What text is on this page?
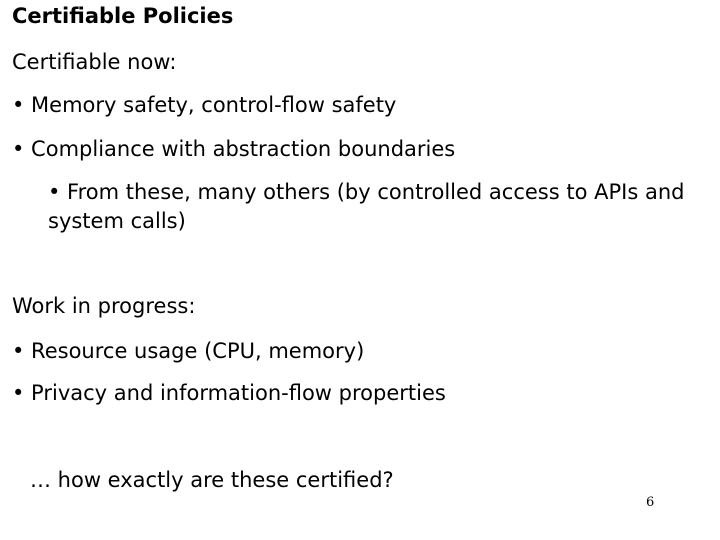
Certifiable Policies
Certifiable now:
• Memory safety, control-flow safety
• Compliance with abstraction boundaries
• From these, many others (by controlled access to APIs and system calls)
Work in progress:
• Resource usage (CPU, memory)
• Privacy and information-flow properties
… how exactly are these certified?
6
